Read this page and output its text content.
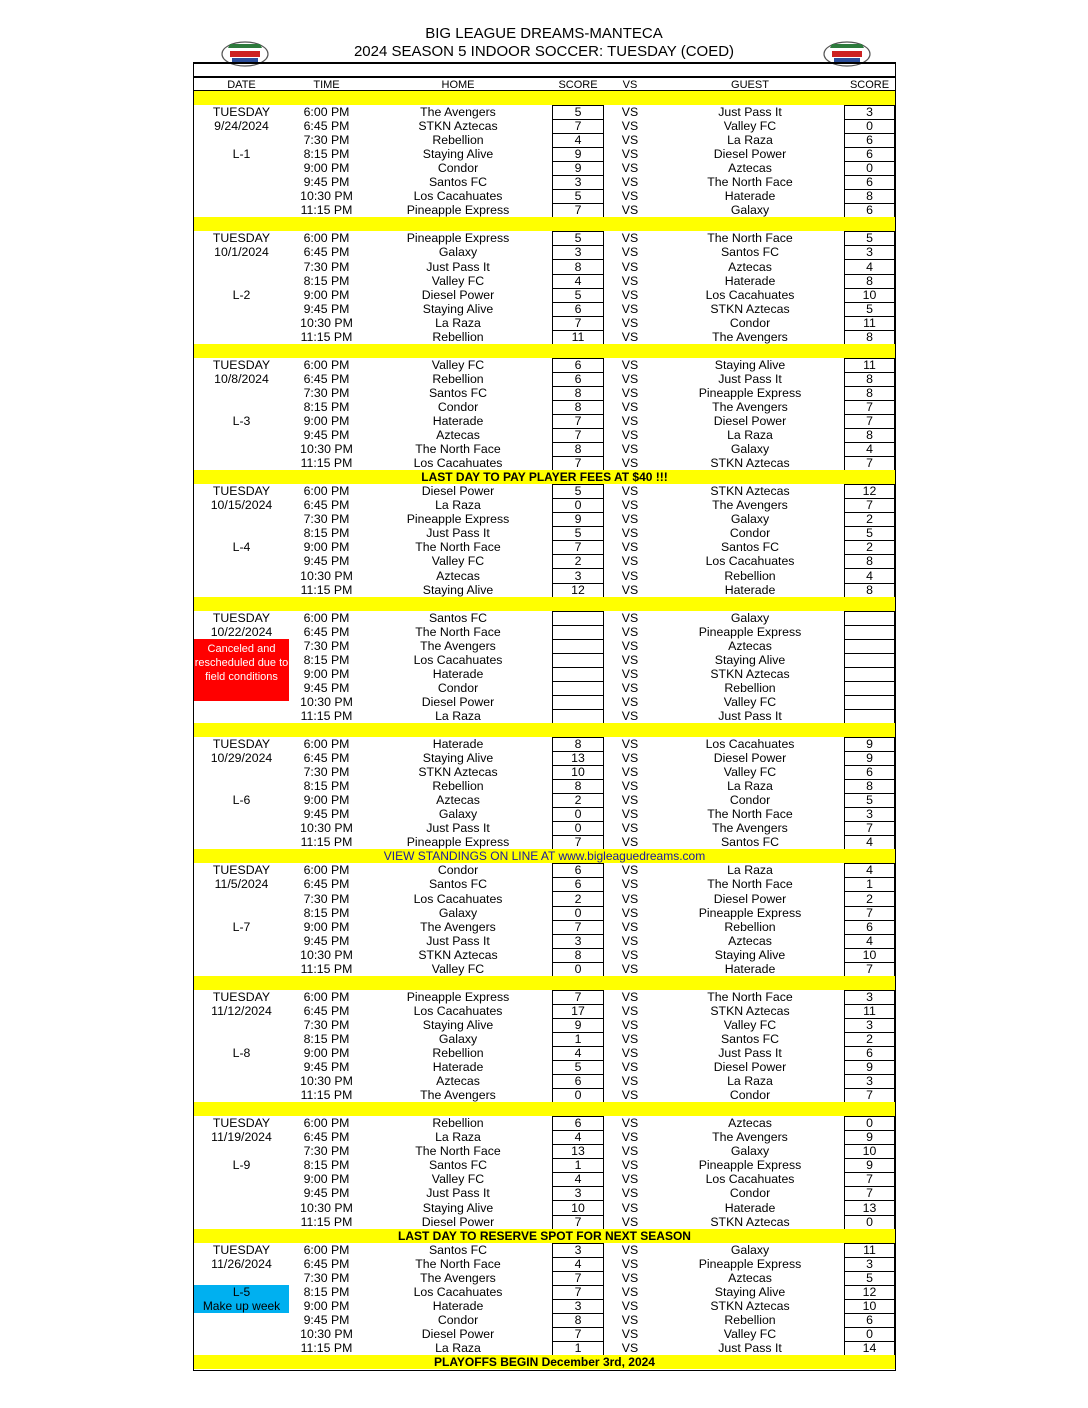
BIG LEAGUE DREAMS-MANTECA
2024 SEASON 5 INDOOR SOCCER: TUESDAY (COED)
DATE	TIME	HOME	SCORE	VS	GUEST	SCORE
TUESDAY
9/24/2024
L-1
6:00 PM	The Avengers	5	VS	Just Pass It	3
6:45 PM	STKN Aztecas	7	VS	Valley FC	0
7:30 PM	Rebellion	4	VS	La Raza	6
8:15 PM	Staying Alive	9	VS	Diesel Power	6
9:00 PM	Condor	9	VS	Aztecas	0
9:45 PM	Santos FC	3	VS	The North Face	6
10:30 PM	Los Cacahuates	5	VS	Haterade	8
11:15 PM	Pineapple Express	7	VS	Galaxy	6
TUESDAY
10/1/2024
L-2
6:00 PM	Pineapple Express	5	VS	The North Face	5
6:45 PM	Galaxy	3	VS	Santos FC	3
7:30 PM	Just Pass It	8	VS	Aztecas	4
8:15 PM	Valley FC	4	VS	Haterade	8
9:00 PM	Diesel Power	5	VS	Los Cacahuates	10
9:45 PM	Staying Alive	6	VS	STKN Aztecas	5
10:30 PM	La Raza	7	VS	Condor	11
11:15 PM	Rebellion	11	VS	The Avengers	8
TUESDAY
10/8/2024
L-3
6:00 PM	Valley FC	6	VS	Staying Alive	11
6:45 PM	Rebellion	6	VS	Just Pass It	8
7:30 PM	Santos FC	8	VS	Pineapple Express	8
8:15 PM	Condor	8	VS	The Avengers	7
9:00 PM	Haterade	7	VS	Diesel Power	7
9:45 PM	Aztecas	7	VS	La Raza	8
10:30 PM	The North Face	8	VS	Galaxy	4
11:15 PM	Los Cacahuates	7	VS	STKN Aztecas	7
LAST DAY TO PAY PLAYER FEES AT $40 !!!
TUESDAY
10/15/2024
L-4
6:00 PM	Diesel Power	5	VS	STKN Aztecas	12
6:45 PM	La Raza	0	VS	The Avengers	7
7:30 PM	Pineapple Express	9	VS	Galaxy	2
8:15 PM	Just Pass It	5	VS	Condor	5
9:00 PM	The North Face	7	VS	Santos FC	2
9:45 PM	Valley FC	2	VS	Los Cacahuates	8
10:30 PM	Aztecas	3	VS	Rebellion	4
11:15 PM	Staying Alive	12	VS	Haterade	8
TUESDAY
10/22/2024
Canceled and rescheduled due to field conditions
6:00 PM	Santos FC	VS	Galaxy
6:45 PM	The North Face	VS	Pineapple Express
7:30 PM	The Avengers	VS	Aztecas
8:15 PM	Los Cacahuates	VS	Staying Alive
9:00 PM	Haterade	VS	STKN Aztecas
9:45 PM	Condor	VS	Rebellion
10:30 PM	Diesel Power	VS	Valley FC
11:15 PM	La Raza	VS	Just Pass It
TUESDAY
10/29/2024
L-6
6:00 PM	Haterade	8	VS	Los Cacahuates	9
6:45 PM	Staying Alive	13	VS	Diesel Power	9
7:30 PM	STKN Aztecas	10	VS	Valley FC	6
8:15 PM	Rebellion	8	VS	La Raza	8
9:00 PM	Aztecas	2	VS	Condor	5
9:45 PM	Galaxy	0	VS	The North Face	3
10:30 PM	Just Pass It	0	VS	The Avengers	7
11:15 PM	Pineapple Express	7	VS	Santos FC	4
VIEW STANDINGS ON LINE AT www.bigleaguedreams.com
TUESDAY
11/5/2024
L-7
6:00 PM	Condor	6	VS	La Raza	4
6:45 PM	Santos FC	6	VS	The North Face	1
7:30 PM	Los Cacahuates	2	VS	Diesel Power	2
8:15 PM	Galaxy	0	VS	Pineapple Express	7
9:00 PM	The Avengers	7	VS	Rebellion	6
9:45 PM	Just Pass It	3	VS	Aztecas	4
10:30 PM	STKN Aztecas	8	VS	Staying Alive	10
11:15 PM	Valley FC	0	VS	Haterade	7
TUESDAY
11/12/2024
L-8
6:00 PM	Pineapple Express	7	VS	The North Face	3
6:45 PM	Los Cacahuates	17	VS	STKN Aztecas	11
7:30 PM	Staying Alive	9	VS	Valley FC	3
8:15 PM	Galaxy	1	VS	Santos FC	2
9:00 PM	Rebellion	4	VS	Just Pass It	6
9:45 PM	Haterade	5	VS	Diesel Power	9
10:30 PM	Aztecas	6	VS	La Raza	3
11:15 PM	The Avengers	0	VS	Condor	7
TUESDAY
11/19/2024
L-9
6:00 PM	Rebellion	6	VS	Aztecas	0
6:45 PM	La Raza	4	VS	The Avengers	9
7:30 PM	The North Face	13	VS	Galaxy	10
8:15 PM	Santos FC	1	VS	Pineapple Express	9
9:00 PM	Valley FC	4	VS	Los Cacahuates	7
9:45 PM	Just Pass It	3	VS	Condor	7
10:30 PM	Staying Alive	10	VS	Haterade	13
11:15 PM	Diesel Power	7	VS	STKN Aztecas	0
LAST DAY TO RESERVE SPOT FOR NEXT SEASON
TUESDAY
11/26/2024
L-5
Make up week
6:00 PM	Santos FC	3	VS	Galaxy	11
6:45 PM	The North Face	4	VS	Pineapple Express	3
7:30 PM	The Avengers	7	VS	Aztecas	5
8:15 PM	Los Cacahuates	7	VS	Staying Alive	12
9:00 PM	Haterade	3	VS	STKN Aztecas	10
9:45 PM	Condor	8	VS	Rebellion	6
10:30 PM	Diesel Power	7	VS	Valley FC	0
11:15 PM	La Raza	1	VS	Just Pass It	14
PLAYOFFS BEGIN December 3rd, 2024
